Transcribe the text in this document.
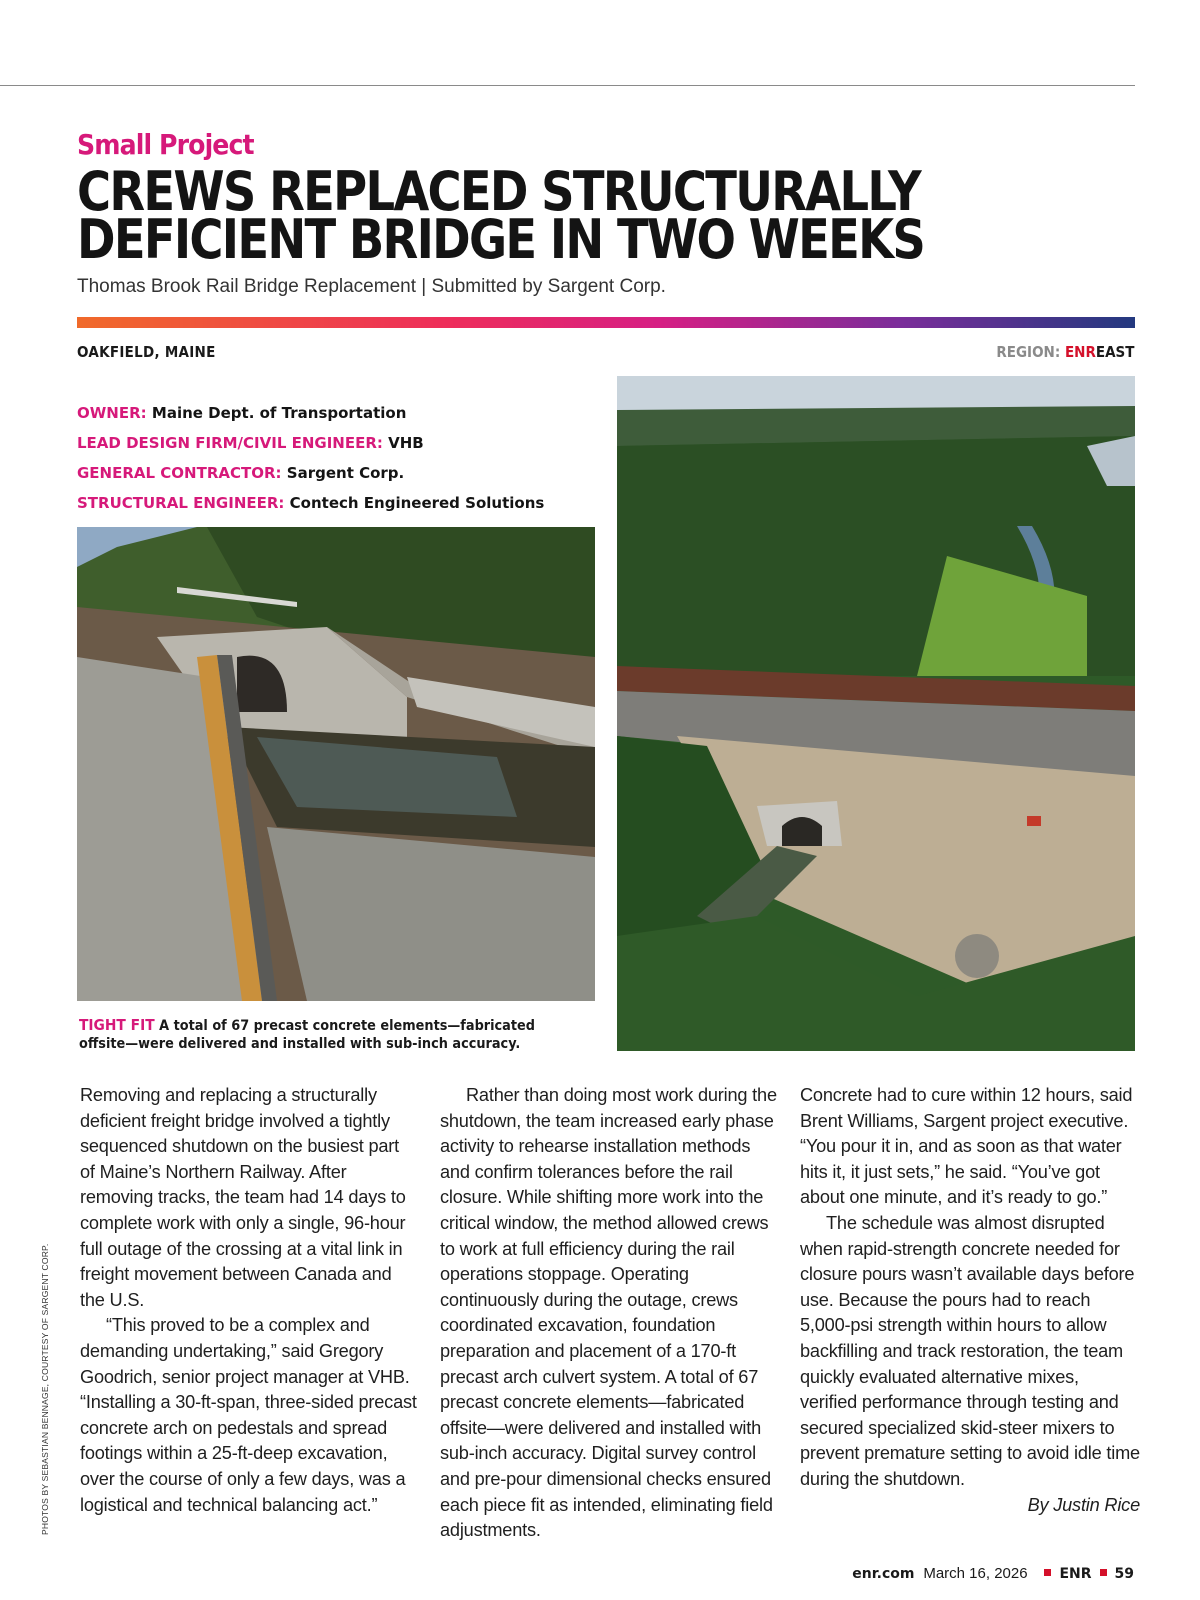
Small Project
CREWS REPLACED STRUCTURALLY
DEFICIENT BRIDGE IN TWO WEEKS
Thomas Brook Rail Bridge Replacement | Submitted by Sargent Corp.
OAKFIELD, MAINE	REGION: ENREAST
OWNER: Maine Dept. of Transportation
LEAD DESIGN FIRM/CIVIL ENGINEER: VHB
GENERAL CONTRACTOR: Sargent Corp.
STRUCTURAL ENGINEER: Contech Engineered Solutions
TIGHT FIT A total of 67 precast concrete elements—fabricated offsite—were delivered and installed with sub-inch accuracy.

Removing and replacing a structurally deficient freight bridge involved a tightly sequenced shutdown on the busiest part of Maine’s Northern Railway. After removing tracks, the team had 14 days to complete work with only a single, 96-hour full outage of the crossing at a vital link in freight movement between Canada and the U.S.

“This proved to be a complex and demanding undertaking,” said Gregory Goodrich, senior project manager at VHB. “Installing a 30-ft-span, three-sided precast concrete arch on pedestals and spread footings within a 25-ft-deep excavation, over the course of only a few days, was a logistical and technical balancing act.”

Rather than doing most work during the shutdown, the team increased early phase activity to rehearse installation methods and confirm tolerances before the rail closure. While shifting more work into the critical window, the method allowed crews to work at full efficiency during the rail operations stoppage. Operating continuously during the outage, crews coordinated excavation, foundation preparation and placement of a 170-ft precast arch culvert system. A total of 67 precast concrete elements—fabricated offsite—were delivered and installed with sub-inch accuracy. Digital survey control and pre-pour dimensional checks ensured each piece fit as intended, eliminating field adjustments.

Concrete had to cure within 12 hours, said Brent Williams, Sargent project executive. “You pour it in, and as soon as that water hits it, it just sets,” he said. “You’ve got about one minute, and it’s ready to go.”

The schedule was almost disrupted when rapid-strength concrete needed for closure pours wasn’t available days before use. Because the pours had to reach 5,000-psi strength within hours to allow backfilling and track restoration, the team quickly evaluated alternative mixes, verified performance through testing and secured specialized skid-steer mixers to prevent premature setting to avoid idle time during the shutdown.

By Justin Rice

PHOTOS BY SEBASTIAN BENNAGE, COURTESY OF SARGENT CORP.
enr.com March 16, 2026 ENR 59
